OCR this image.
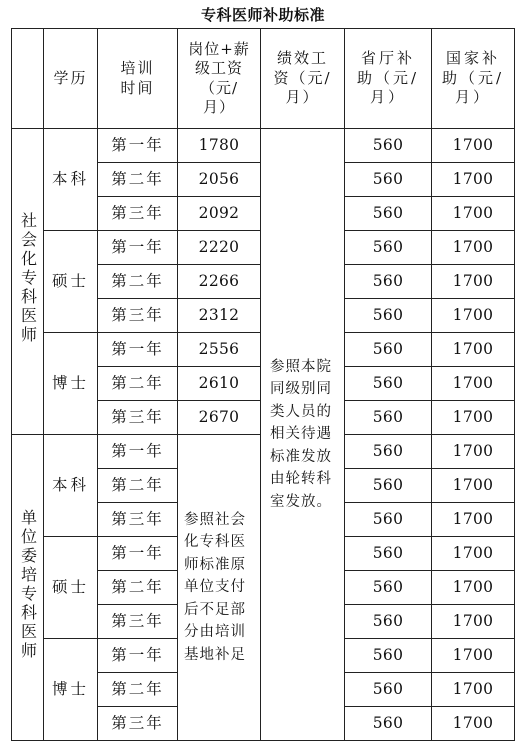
专科医师补助标准
	学历	培训时间	岗位+薪级工资（元/月）	绩效工资（元/月）	省厅补助（元/月）	国家补助（元/月）
社会化专科医师	本科	第一年	1780	参照本院同级别同类人员的相关待遇标准发放由轮转科室发放。	560	1700
		第二年	2056		560	1700
		第三年	2092		560	1700
	硕士	第一年	2220		560	1700
		第二年	2266		560	1700
		第三年	2312		560	1700
	博士	第一年	2556		560	1700
		第二年	2610		560	1700
		第三年	2670		560	1700
单位委培专科医师	本科	第一年	参照社会化专科医师标准原单位支付后不足部分由培训基地补足		560	1700
		第二年			560	1700
		第三年			560	1700
	硕士	第一年			560	1700
		第二年			560	1700
		第三年			560	1700
	博士	第一年			560	1700
		第二年			560	1700
		第三年			560	1700
